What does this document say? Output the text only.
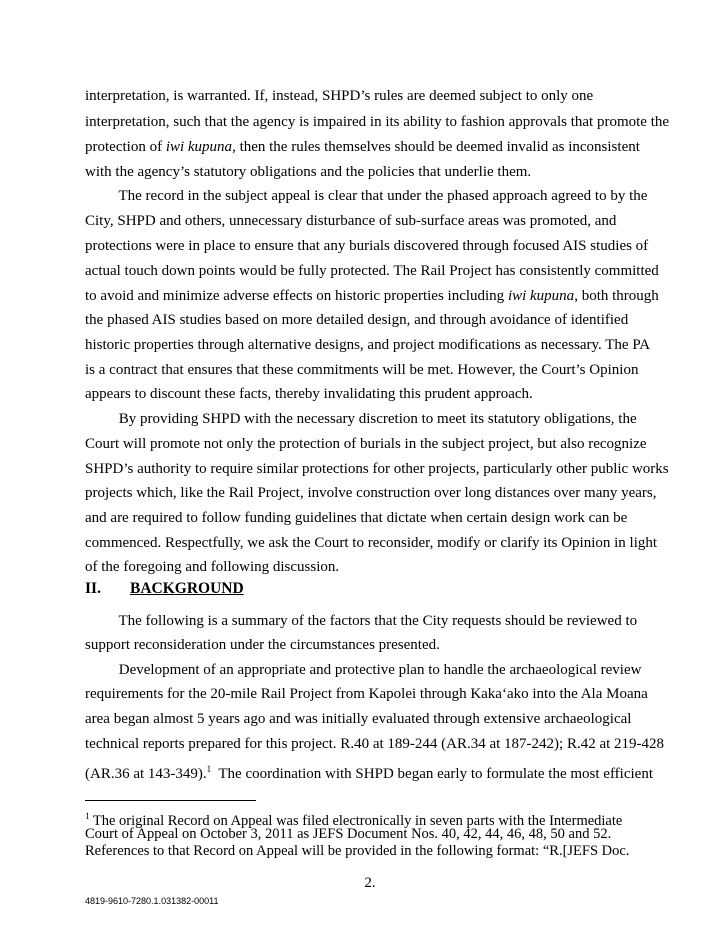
interpretation, is warranted. If, instead, SHPD’s rules are deemed subject to only one
interpretation, such that the agency is impaired in its ability to fashion approvals that promote the
protection of iwi kupuna, then the rules themselves should be deemed invalid as inconsistent
with the agency’s statutory obligations and the policies that underlie them.
The record in the subject appeal is clear that under the phased approach agreed to by the
City, SHPD and others, unnecessary disturbance of sub-surface areas was promoted, and
protections were in place to ensure that any burials discovered through focused AIS studies of
actual touch down points would be fully protected. The Rail Project has consistently committed
to avoid and minimize adverse effects on historic properties including iwi kupuna, both through
the phased AIS studies based on more detailed design, and through avoidance of identified
historic properties through alternative designs, and project modifications as necessary. The PA
is a contract that ensures that these commitments will be met. However, the Court’s Opinion
appears to discount these facts, thereby invalidating this prudent approach.
By providing SHPD with the necessary discretion to meet its statutory obligations, the
Court will promote not only the protection of burials in the subject project, but also recognize
SHPD’s authority to require similar protections for other projects, particularly other public works
projects which, like the Rail Project, involve construction over long distances over many years,
and are required to follow funding guidelines that dictate when certain design work can be
commenced. Respectfully, we ask the Court to reconsider, modify or clarify its Opinion in light
of the foregoing and following discussion.
II. BACKGROUND
The following is a summary of the factors that the City requests should be reviewed to
support reconsideration under the circumstances presented.
Development of an appropriate and protective plan to handle the archaeological review
requirements for the 20-mile Rail Project from Kapolei through Kaka‘ako into the Ala Moana
area began almost 5 years ago and was initially evaluated through extensive archaeological
technical reports prepared for this project. R.40 at 189-244 (AR.34 at 187-242); R.42 at 219-428
(AR.36 at 143-349).$^1$  The coordination with SHPD began early to formulate the most efficient
$^1$ The original Record on Appeal was filed electronically in seven parts with the Intermediate
Court of Appeal on October 3, 2011 as JEFS Document Nos. 40, 42, 44, 46, 48, 50 and 52.
References to that Record on Appeal will be provided in the following format: “R.[JEFS Doc.
2.
4819-9610-7280.1.031382-00011
